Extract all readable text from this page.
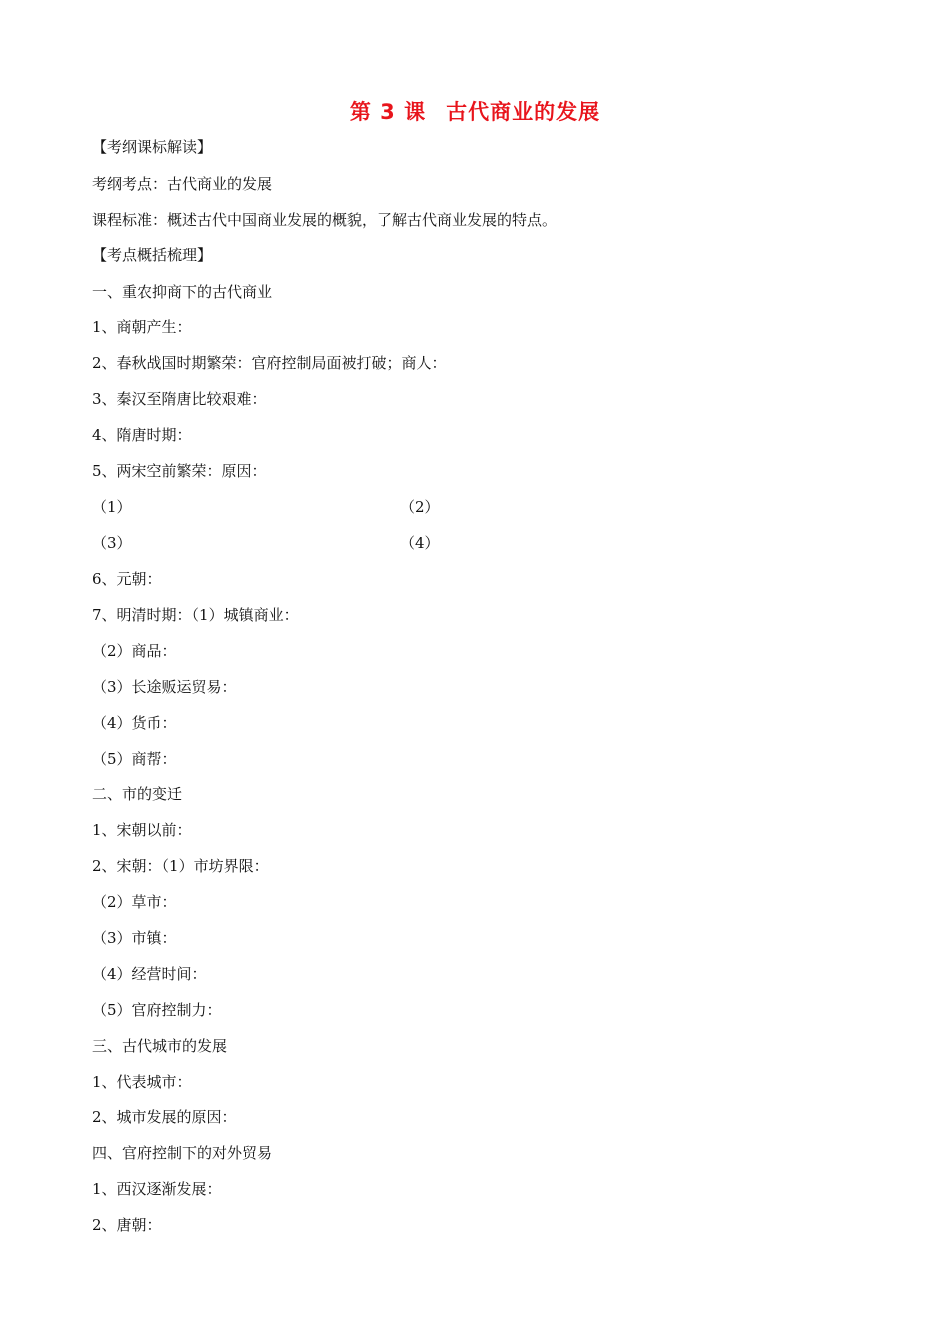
第 3 课 古代商业的发展
【考纲课标解读】
考纲考点：古代商业的发展
课程标准：概述古代中国商业发展的概貌，了解古代商业发展的特点。
【考点概括梳理】
一、重农抑商下的古代商业
1、商朝产生：
2、春秋战国时期繁荣：官府控制局面被打破；商人：
3、秦汉至隋唐比较艰难：
4、隋唐时期：
5、两宋空前繁荣：原因：
（1）	（2）
（3）	（4）
6、元朝：
7、明清时期：（1）城镇商业：
（2）商品：
（3）长途贩运贸易：
（4）货币：
（5）商帮：
二、市的变迁
1、宋朝以前：
2、宋朝：（1）市坊界限：
（2）草市：
（3）市镇：
（4）经营时间：
（5）官府控制力：
三、古代城市的发展
1、代表城市：
2、城市发展的原因：
四、官府控制下的对外贸易
1、西汉逐渐发展：
2、唐朝：
